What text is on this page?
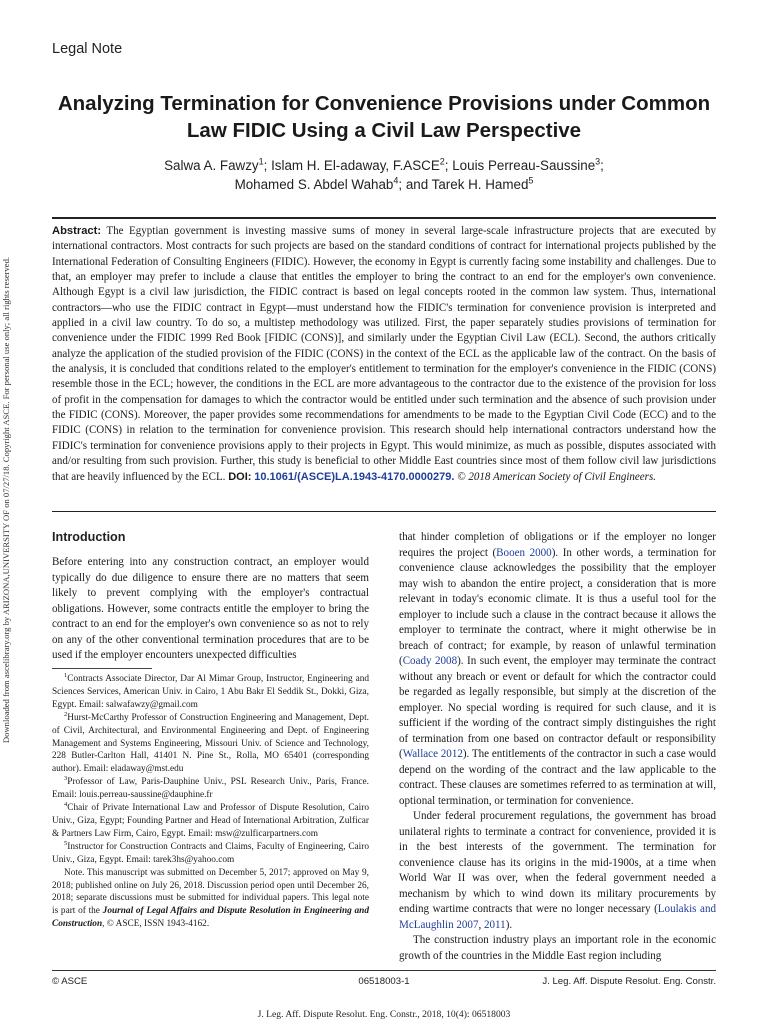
Downloaded from ascelibrary.org by ARIZONA,UNIVERSITY OF on 07/27/18. Copyright ASCE. For personal use only; all rights reserved.
Legal Note
Analyzing Termination for Convenience Provisions under Common Law FIDIC Using a Civil Law Perspective
Salwa A. Fawzy$^1$; Islam H. El-adaway, F.ASCE$^2$; Louis Perreau-Saussine$^3$;
Mohamed S. Abdel Wahab$^4$; and Tarek H. Hamed$^5$
Abstract: The Egyptian government is investing massive sums of money in several large-scale infrastructure projects that are executed by international contractors. Most contracts for such projects are based on the standard conditions of contract for international projects published by the International Federation of Consulting Engineers (FIDIC). However, the economy in Egypt is currently facing some instability and challenges. Due to that, an employer may prefer to include a clause that entitles the employer to bring the contract to an end for the employer's own convenience. Although Egypt is a civil law jurisdiction, the FIDIC contract is based on legal concepts rooted in the common law system. Thus, international contractors—who use the FIDIC contract in Egypt—must understand how the FIDIC's termination for convenience provision is interpreted and applied in a civil law country. To do so, a multistep methodology was utilized. First, the paper separately studies provisions of termination for convenience under the FIDIC 1999 Red Book [FIDIC (CONS)], and similarly under the Egyptian Civil Law (ECL). Second, the authors critically analyze the application of the studied provision of the FIDIC (CONS) in the context of the ECL as the applicable law of the contract. On the basis of the analysis, it is concluded that conditions related to the employer's entitlement to termination for the employer's convenience in the FIDIC (CONS) resemble those in the ECL; however, the conditions in the ECL are more advantageous to the contractor due to the existence of the provision for loss of profit in the compensation for damages to which the contractor would be entitled under such termination and the absence of such provision under the FIDIC (CONS). Moreover, the paper provides some recommendations for amendments to be made to the Egyptian Civil Code (ECC) and to the FIDIC (CONS) in relation to the termination for convenience provision. This research should help international contractors understand how the FIDIC's termination for convenience provisions apply to their projects in Egypt. This would minimize, as much as possible, disputes associated with and/or resulting from such provision. Further, this study is beneficial to other Middle East countries since most of them follow civil law jurisdictions that are heavily influenced by the ECL. DOI: 10.1061/(ASCE)LA.1943-4170.0000279. © 2018 American Society of Civil Engineers.
Introduction

Before entering into any construction contract, an employer would typically do due diligence to ensure there are no matters that seem likely to prevent complying with the employer's contractual obligations. However, some contracts entitle the employer to bring the contract to an end for the employer's own convenience so as not to rely on any of the other conventional termination procedures that are to be used if the employer encounters unexpected difficulties

$^1$Contracts Associate Director, Dar Al Mimar Group, Instructor, Engineering and Sciences Services, American Univ. in Cairo, 1 Abu Bakr El Seddik St., Dokki, Giza, Egypt. Email: salwafawzy@gmail.com

$^2$Hurst-McCarthy Professor of Construction Engineering and Management, Dept. of Civil, Architectural, and Environmental Engineering and Dept. of Engineering Management and Systems Engineering, Missouri Univ. of Science and Technology, 228 Butler-Carlton Hall, 41401 N. Pine St., Rolla, MO 65401 (corresponding author). Email: eladaway@mst.edu

$^3$Professor of Law, Paris-Dauphine Univ., PSL Research Univ., Paris, France. Email: louis.perreau-saussine@dauphine.fr

$^4$Chair of Private International Law and Professor of Dispute Resolution, Cairo Univ., Giza, Egypt; Founding Partner and Head of International Arbitration, Zulficar & Partners Law Firm, Cairo, Egypt. Email: msw@zulficarpartners.com

$^5$Instructor for Construction Contracts and Claims, Faculty of Engineering, Cairo Univ., Giza, Egypt. Email: tarek3hs@yahoo.com

Note. This manuscript was submitted on December 5, 2017; approved on May 9, 2018; published online on July 26, 2018. Discussion period open until December 26, 2018; separate discussions must be submitted for individual papers. This legal note is part of the Journal of Legal Affairs and Dispute Resolution in Engineering and Construction, © ASCE, ISSN 1943-4162.

that hinder completion of obligations or if the employer no longer requires the project (Booen 2000). In other words, a termination for convenience clause acknowledges the possibility that the employer may wish to abandon the entire project, a consideration that is more relevant in today's economic climate. It is thus a useful tool for the employer to include such a clause in the contract because it allows the employer to terminate the contract, where it might otherwise be in breach of contract; for example, by reason of unlawful termination (Coady 2008). In such event, the employer may terminate the contract without any breach or event or default for which the contractor could be regarded as legally responsible, but simply at the discretion of the employer. No special wording is required for such clause, and it is sufficient if the wording of the contract simply distinguishes the right of termination from one based on contractor default or responsibility (Wallace 2012). The entitlements of the contractor in such a case would depend on the wording of the contract and the law applicable to the contract. These clauses are sometimes referred to as termination at will, optional termination, or termination for convenience.

Under federal procurement regulations, the government has broad unilateral rights to terminate a contract for convenience, provided it is in the best interests of the government. The termination for convenience clause has its origins in the mid-1900s, at a time when World War II was over, when the federal government needed a mechanism by which to wind down its military procurements by ending wartime contracts that were no longer necessary (Loulakis and McLaughlin 2007, 2011).

The construction industry plays an important role in the economic growth of the countries in the Middle East region including

© ASCE	06518003-1	J. Leg. Aff. Dispute Resolut. Eng. Constr.
J. Leg. Aff. Dispute Resolut. Eng. Constr., 2018, 10(4): 06518003
